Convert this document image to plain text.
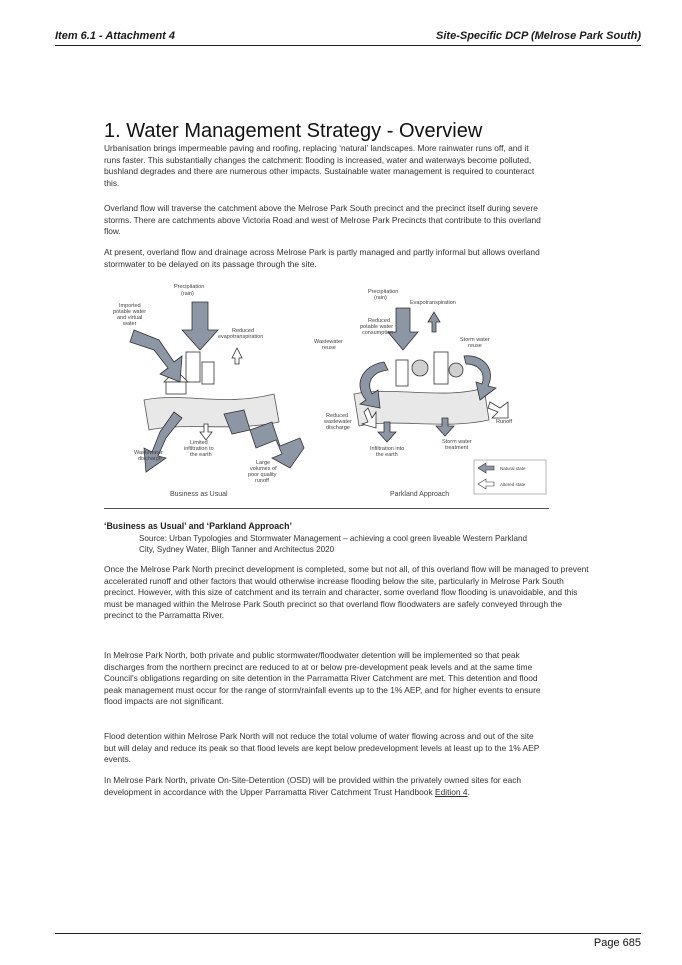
Item 6.1 - Attachment 4	Site-Specific DCP (Melrose Park South)
1. Water Management Strategy - Overview

Urbanisation brings impermeable paving and roofing, replacing ‘natural’ landscapes. More rainwater runs off, and it runs faster. This substantially changes the catchment: flooding is increased, water and waterways become polluted, bushland degrades and there are numerous other impacts. Sustainable water management is required to counteract this.

Overland flow will traverse the catchment above the Melrose Park South precinct and the precinct itself during severe storms. There are catchments above Victoria Road and west of Melrose Park Precincts that contribute to this overland flow.

At present, overland flow and drainage across Melrose Park is partly managed and partly informal but allows overland stormwater to be delayed on its passage through the site.

Precipitation
(rain)
Imported
potable water
and virtual
water
Reduced
evapotranspiration
Wastewater
discharge
Limited
infiltration to
the earth
Large
volumes of
poor quality
runoff
Business as Usual
Precipitation
(rain)
Evapotranspiration
Reduced
potable water
consumption
Wastewater
reuse
Storm water
reuse
Reduced
wastewater
discharge
Runoff
Infiltration into
the earth
Storm water
treatment
Parkland Approach
Natural state
Altered state
‘Business as Usual’ and ‘Parkland Approach’
Source: Urban Typologies and Stormwater Management – achieving a cool green liveable Western Parkland City, Sydney Water, Bligh Tanner and Architectus 2020

Once the Melrose Park North precinct development is completed, some but not all, of this overland flow will be managed to prevent accelerated runoff and other factors that would otherwise increase flooding below the site, particularly in Melrose Park South precinct. However, with this size of catchment and its terrain and character, some overland flow flooding is unavoidable, and this must be managed within the Melrose Park South precinct so that overland flow floodwaters are safely conveyed through the precinct to the Parramatta River.

In Melrose Park North, both private and public stormwater/floodwater detention will be implemented so that peak discharges from the northern precinct are reduced to at or below pre-development peak levels and at the same time Council’s obligations regarding on site detention in the Parramatta River Catchment are met. This detention and flood peak management must occur for the range of storm/rainfall events up to the 1% AEP, and for higher events to ensure flood impacts are not significant.

Flood detention within Melrose Park North will not reduce the total volume of water flowing across and out of the site but will delay and reduce its peak so that flood levels are kept below predevelopment levels at least up to the 1% AEP events.

In Melrose Park North, private On-Site-Detention (OSD) will be provided within the privately owned sites for each development in accordance with the Upper Parramatta River Catchment Trust Handbook Edition 4.

Page 685
